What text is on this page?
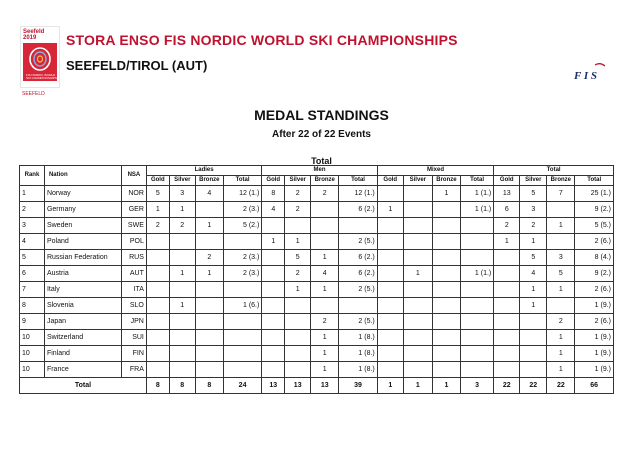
Seefeld 2019
FIS NORDIC WORLD SKI CHAMPIONSHIPS
SEEFELD
STORA ENSO FIS NORDIC WORLD SKI CHAMPIONSHIPS
SEEFELD/TIROL (AUT)
F I S
MEDAL STANDINGS
After 22 of 22 Events
Total
Rank	Nation	NSA	Ladies				Men				Mixed				Total			
			Gold	Silver	Bronze	Total	Gold	Silver	Bronze	Total	Gold	Silver	Bronze	Total	Gold	Silver	Bronze	Total
1	Norway	NOR	5	3	4	12 (1.)	8	2	2	12 (1.)			1	1 (1.)	13	5	7	25 (1.)
2	Germany	GER	1	1		2 (3.)	4	2		6 (2.)	1			1 (1.)	6	3		9 (2.)
3	Sweden	SWE	2	2	1	5 (2.)									2	2	1	5 (5.)
4	Poland	POL					1	1		2 (5.)					1	1		2 (6.)
5	Russian Federation	RUS			2	2 (3.)		5	1	6 (2.)						5	3	8 (4.)
6	Austria	AUT		1	1	2 (3.)		2	4	6 (2.)		1		1 (1.)		4	5	9 (2.)
7	Italy	ITA						1	1	2 (5.)						1	1	2 (6.)
8	Slovenia	SLO		1		1 (6.)										1		1 (9.)
9	Japan	JPN							2	2 (5.)							2	2 (6.)
10	Switzerland	SUI							1	1 (8.)							1	1 (9.)
10	Finland	FIN							1	1 (8.)							1	1 (9.)
10	France	FRA							1	1 (8.)							1	1 (9.)
Total			8	8	8	24	13	13	13	39	1	1	1	3	22	22	22	66
